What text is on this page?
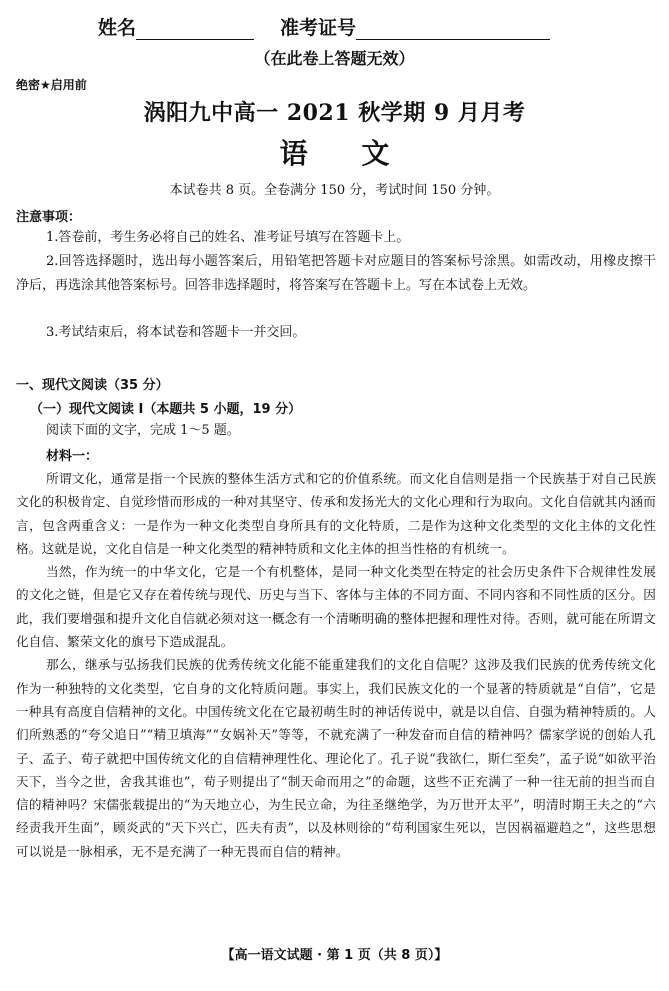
姓名	准考证号
（在此卷上答题无效）
绝密★启用前
涡阳九中高一 2021 秋学期 9 月月考
语 文
本试卷共 8 页。全卷满分 150 分，考试时间 150 分钟。
注意事项：
1.答卷前，考生务必将自己的姓名、准考证号填写在答题卡上。
2.回答选择题时，选出每小题答案后，用铅笔把答题卡对应题目的答案标号涂黑。如需改动，用橡皮擦干净后，再选涂其他答案标号。回答非选择题时，将答案写在答题卡上。写在本试卷上无效。
3.考试结束后，将本试卷和答题卡一并交回。
一、现代文阅读（35 分）
（一）现代文阅读 I（本题共 5 小题，19 分）
阅读下面的文字，完成 1～5 题。
材料一：

所谓文化，通常是指一个民族的整体生活方式和它的价值系统。而文化自信则是指一个民族基于对自己民族文化的积极肯定、自觉珍惜而形成的一种对其坚守、传承和发扬光大的文化心理和行为取向。文化自信就其内涵而言，包含两重含义：一是作为一种文化类型自身所具有的文化特质，二是作为这种文化类型的文化主体的文化性格。这就是说，文化自信是一种文化类型的精神特质和文化主体的担当性格的有机统一。

当然，作为统一的中华文化，它是一个有机整体，是同一种文化类型在特定的社会历史条件下合规律性发展的文化之链，但是它又存在着传统与现代、历史与当下、客体与主体的不同方面、不同内容和不同性质的区分。因此，我们要增强和提升文化自信就必须对这一概念有一个清晰明确的整体把握和理性对待。否则，就可能在所谓文化自信、繁荣文化的旗号下造成混乱。

那么，继承与弘扬我们民族的优秀传统文化能不能重建我们的文化自信呢？这涉及我们民族的优秀传统文化作为一种独特的文化类型，它自身的文化特质问题。事实上，我们民族文化的一个显著的特质就是“自信”，它是一种具有高度自信精神的文化。中国传统文化在它最初萌生时的神话传说中，就是以自信、自强为精神特质的。人们所熟悉的“夸父追日”“精卫填海”“女娲补天”等等，不就充满了一种发奋而自信的精神吗？儒家学说的创始人孔子、孟子、荀子就把中国传统文化的自信精神理性化、理论化了。孔子说“我欲仁，斯仁至矣”，孟子说“如欲平治天下，当今之世，舍我其谁也”，荀子则提出了“制天命而用之”的命题，这些不正充满了一种一往无前的担当而自信的精神吗？宋儒张载提出的“为天地立心，为生民立命，为往圣继绝学，为万世开太平”，明清时期王夫之的“六经责我开生面”，顾炎武的“天下兴亡，匹夫有责”，以及林则徐的“苟利国家生死以，岂因祸福避趋之”，这些思想可以说是一脉相承，无不是充满了一种无畏而自信的精神。

【高一语文试题 · 第 1 页（共 8 页）】
